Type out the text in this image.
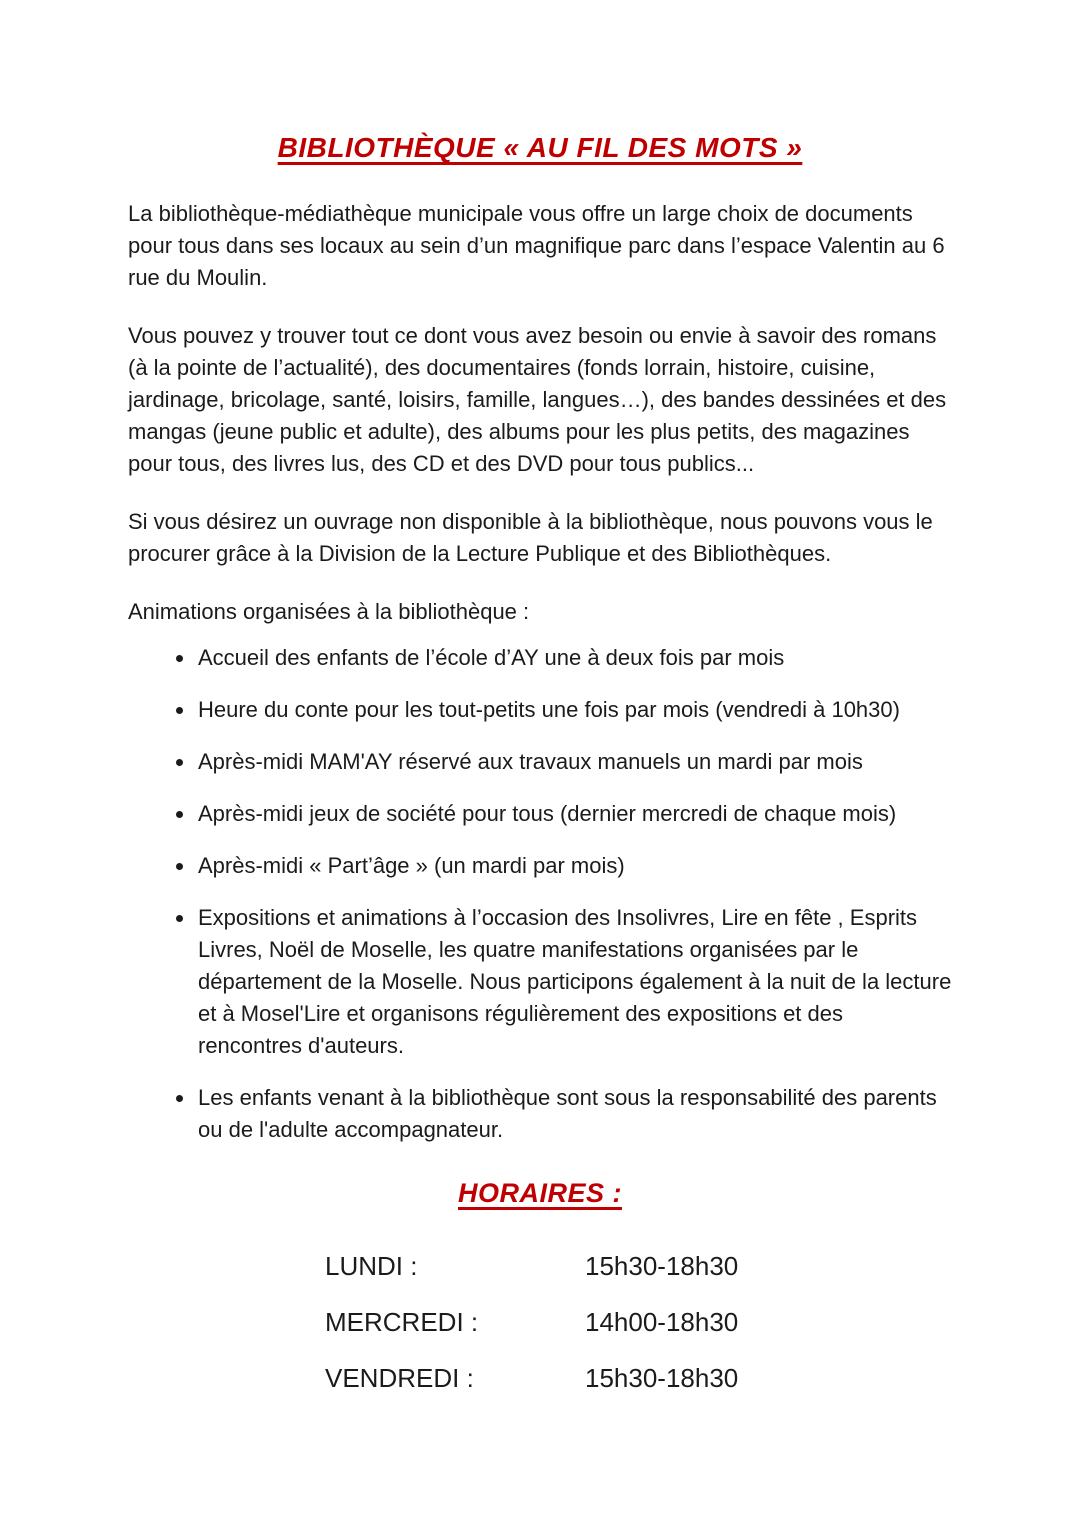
BIBLIOTHÈQUE « AU FIL DES MOTS »

La bibliothèque-médiathèque municipale vous offre un large choix de documents pour tous dans ses locaux au sein d’un magnifique parc dans l’espace Valentin au 6 rue du Moulin.

Vous pouvez y trouver tout ce dont vous avez besoin ou envie à savoir des romans (à la pointe de l’actualité), des documentaires (fonds lorrain, histoire, cuisine, jardinage, bricolage, santé, loisirs, famille, langues…), des bandes dessinées et des mangas (jeune public et adulte), des albums pour les plus petits, des magazines pour tous, des livres lus, des CD et des DVD pour tous publics...

Si vous désirez un ouvrage non disponible à la bibliothèque, nous pouvons vous le procurer grâce à la Division de la Lecture Publique et des Bibliothèques.

Animations organisées à la bibliothèque :

• Accueil des enfants de l’école d’AY une à deux fois par mois
• Heure du conte pour les tout-petits une fois par mois (vendredi à 10h30)
• Après-midi MAM'AY réservé aux travaux manuels un mardi par mois
• Après-midi jeux de société pour tous (dernier mercredi de chaque mois)
• Après-midi « Part’âge » (un mardi par mois)
• Expositions et animations à l’occasion des Insolivres, Lire en fête , Esprits Livres, Noël de Moselle, les quatre manifestations organisées par le département de la Moselle. Nous participons également à la nuit de la lecture et à Mosel'Lire et organisons régulièrement des expositions et des rencontres d'auteurs.
• Les enfants venant à la bibliothèque sont sous la responsabilité des parents ou de l'adulte accompagnateur.
HORAIRES :
LUNDI :	15h30-18h30
MERCREDI :	14h00-18h30
VENDREDI :	15h30-18h30
